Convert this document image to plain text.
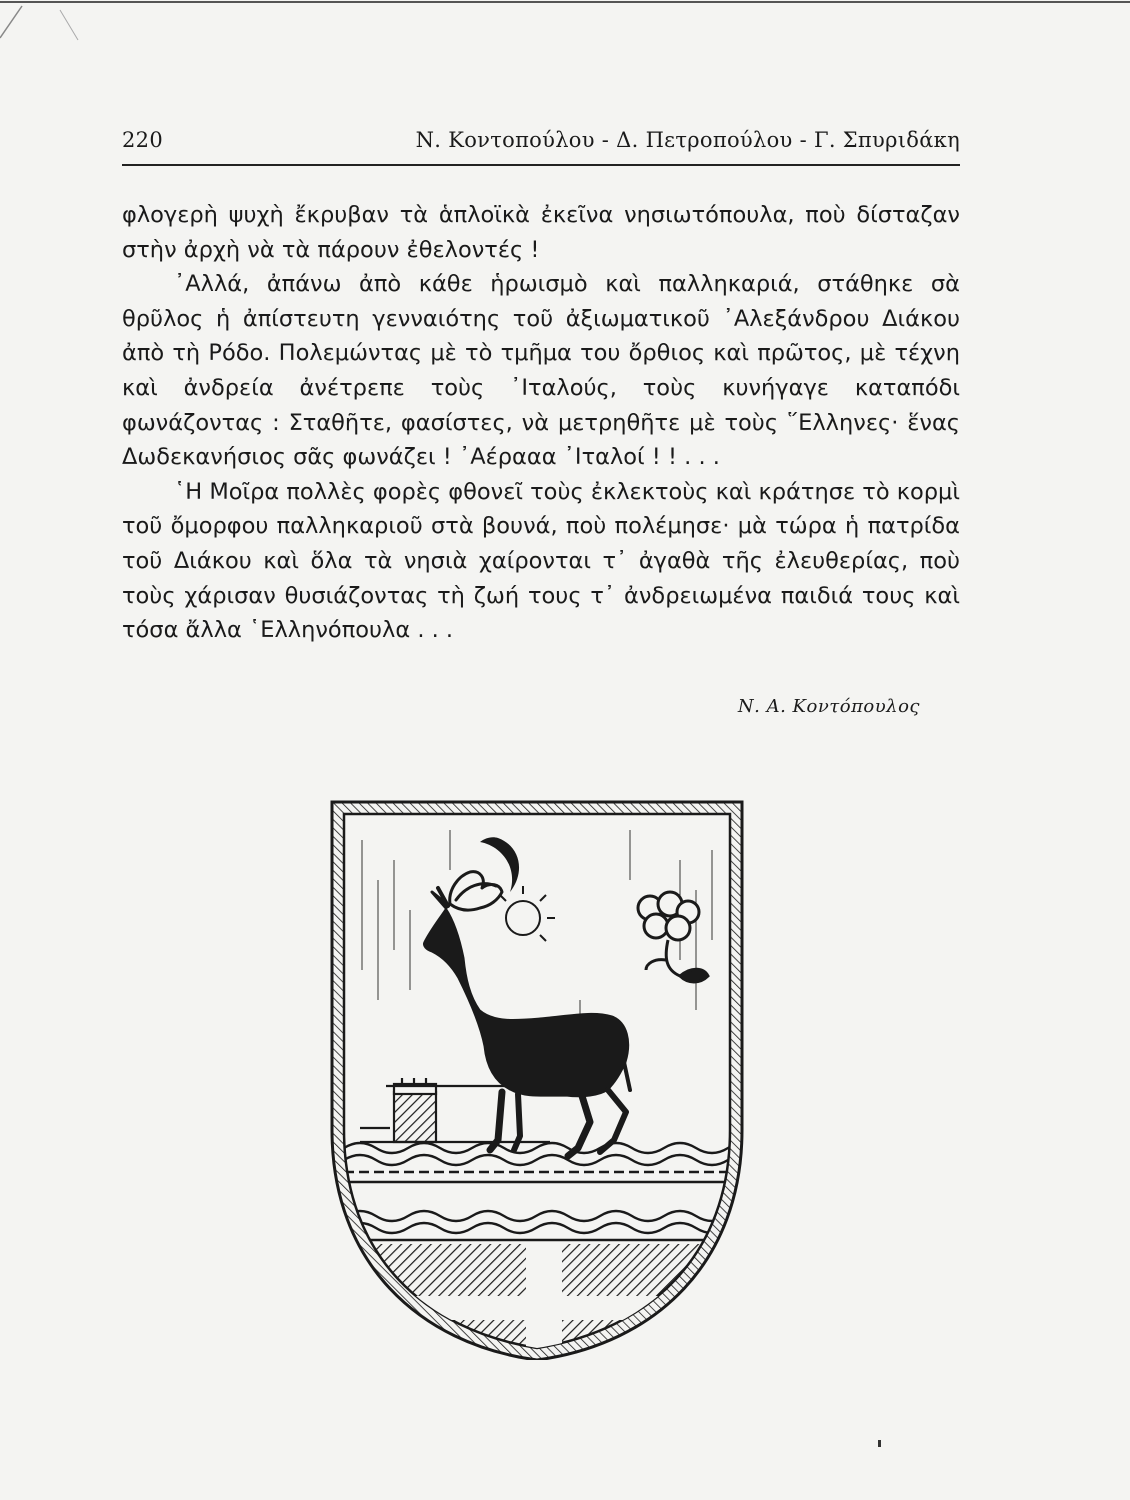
220	Ν. Κοντοπούλου - Δ. Πετροπούλου - Γ. Σπυριδάκη

φλογερὴ ψυχὴ ἔκρυβαν τὰ ἁπλοϊκὰ ἐκεῖνα νησιωτόπουλα, ποὺ δίσταζαν στὴν ἀρχὴ νὰ τὰ πάρουν ἐθελοντές !

᾿Αλλά, ἀπάνω ἀπὸ κάθε ἡρωισμὸ καὶ παλληκαριά, στάθηκε σὰ θρῦλος ἡ ἀπίστευτη γενναιότης τοῦ ἀξιωματικοῦ ᾿Αλεξάνδρου Διάκου ἀπὸ τὴ Ρόδο. Πολεμώντας μὲ τὸ τμῆμα του ὄρθιος καὶ πρῶτος, μὲ τέχνη καὶ ἀνδρεία ἀνέτρεπε τοὺς ᾿Ιταλούς, τοὺς κυνήγαγε καταπόδι φωνάζοντας : Σταθῆτε, φασίστες, νὰ μετρηθῆτε μὲ τοὺς ῞Ελληνες· ἕνας Δωδεκανήσιος σᾶς φωνάζει ! ᾿Αέρααα ᾿Ιταλοί ! ! . . .

῾Η Μοῖρα πολλὲς φορὲς φθονεῖ τοὺς ἐκλεκτοὺς καὶ κράτησε τὸ κορμὶ τοῦ ὄμορφου παλληκαριοῦ στὰ βουνά, ποὺ πολέμησε· μὰ τώρα ἡ πατρίδα τοῦ Διάκου καὶ ὅλα τὰ νησιὰ χαίρονται τ᾿ ἀγαθὰ τῆς ἐλευθερίας, ποὺ τοὺς χάρισαν θυσιάζοντας τὴ ζωή τους τ᾿ ἀνδρειωμένα παιδιά τους καὶ τόσα ἄλλα ῾Ελληνόπουλα . . .

Ν. Α. Κοντόπουλος
